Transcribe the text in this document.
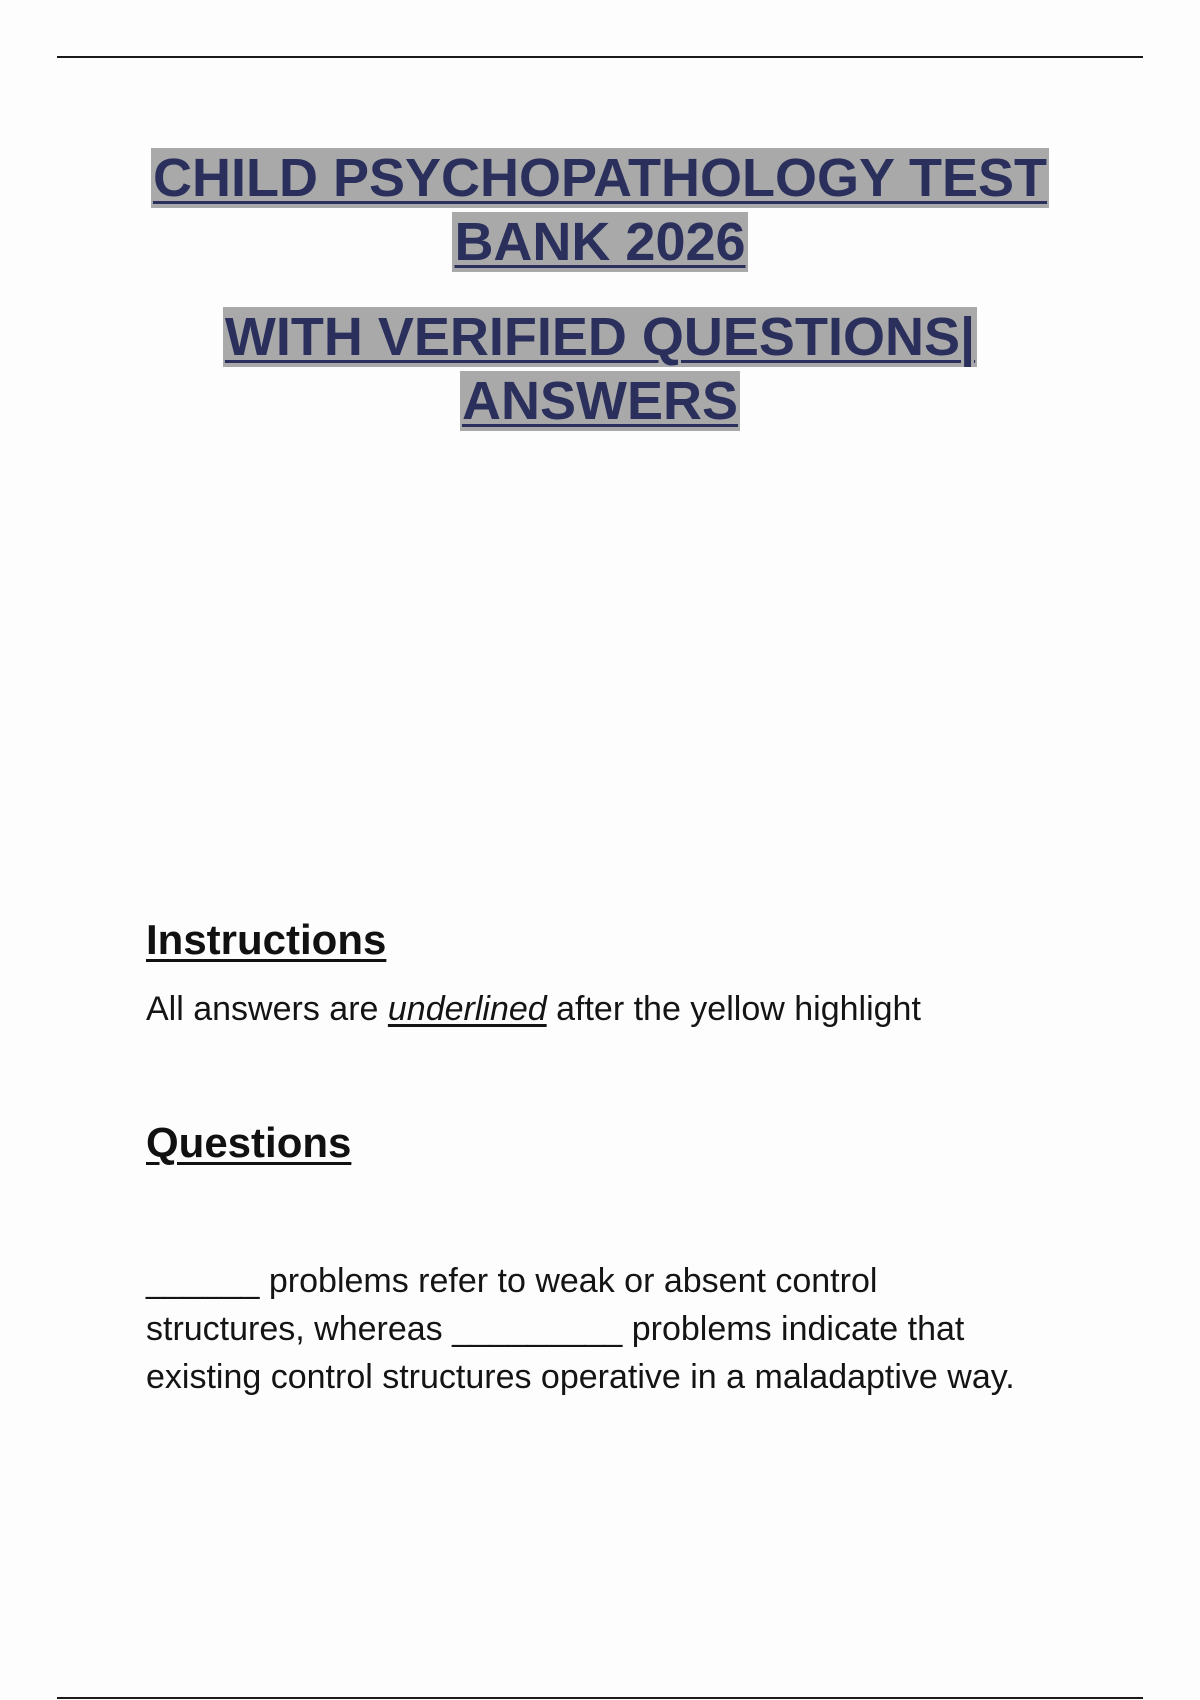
CHILD PSYCHOPATHOLOGY TEST
BANK 2026
WITH VERIFIED QUESTIONS|
ANSWERS
Instructions
All answers are underlined after the yellow highlight
Questions
______ problems refer to weak or absent control
structures, whereas _________ problems indicate that
existing control structures operative in a maladaptive way.
